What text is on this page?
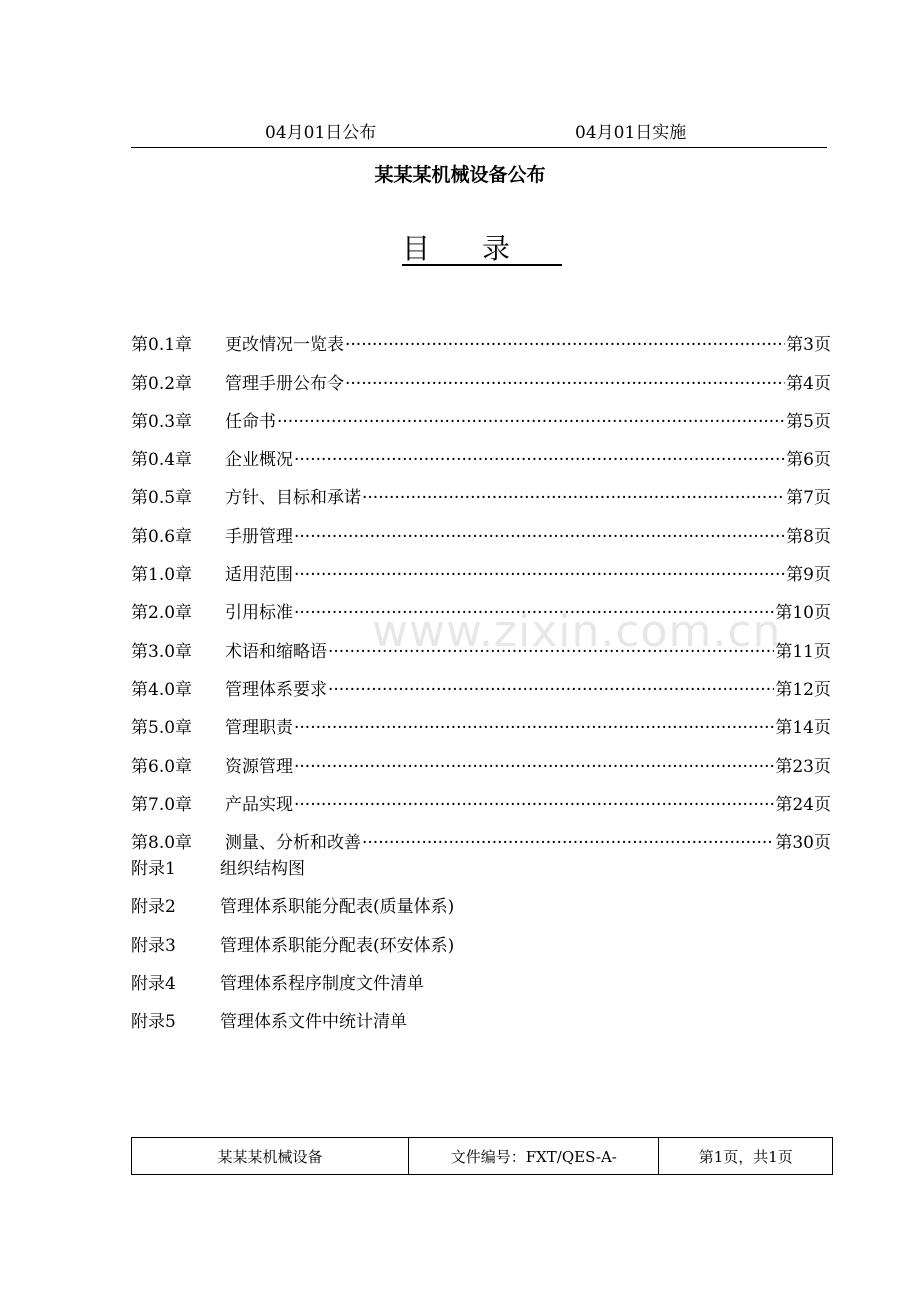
04月01日公布	04月01日实施
某某某机械设备公布
目录
www.zixin.com.cn
第0.1章	更改情况一览表 ·····	第3页
第0.2章	管理手册公布令 ·····	第4页
第0.3章	任命书 ·····	第5页
第0.4章	企业概况 ·····	第6页
第0.5章	方针、目标和承诺 ·····	第7页
第0.6章	手册管理 ·····	第8页
第1.0章	适用范围 ·····	第9页
第2.0章	引用标准 ·····	第10页
第3.0章	术语和缩略语 ·····	第11页
第4.0章	管理体系要求 ·····	第12页
第5.0章	管理职责 ·····	第14页
第6.0章	资源管理 ·····	第23页
第7.0章	产品实现 ·····	第24页
第8.0章	测量、分析和改善 ·····	第30页
附录1	组织结构图
附录2	管理体系职能分配表(质量体系)
附录3	管理体系职能分配表(环安体系)
附录4	管理体系程序制度文件清单
附录5	管理体系文件中统计清单
某某某机械设备	文件编号：FXT/QES-A-	第1页，共1页
